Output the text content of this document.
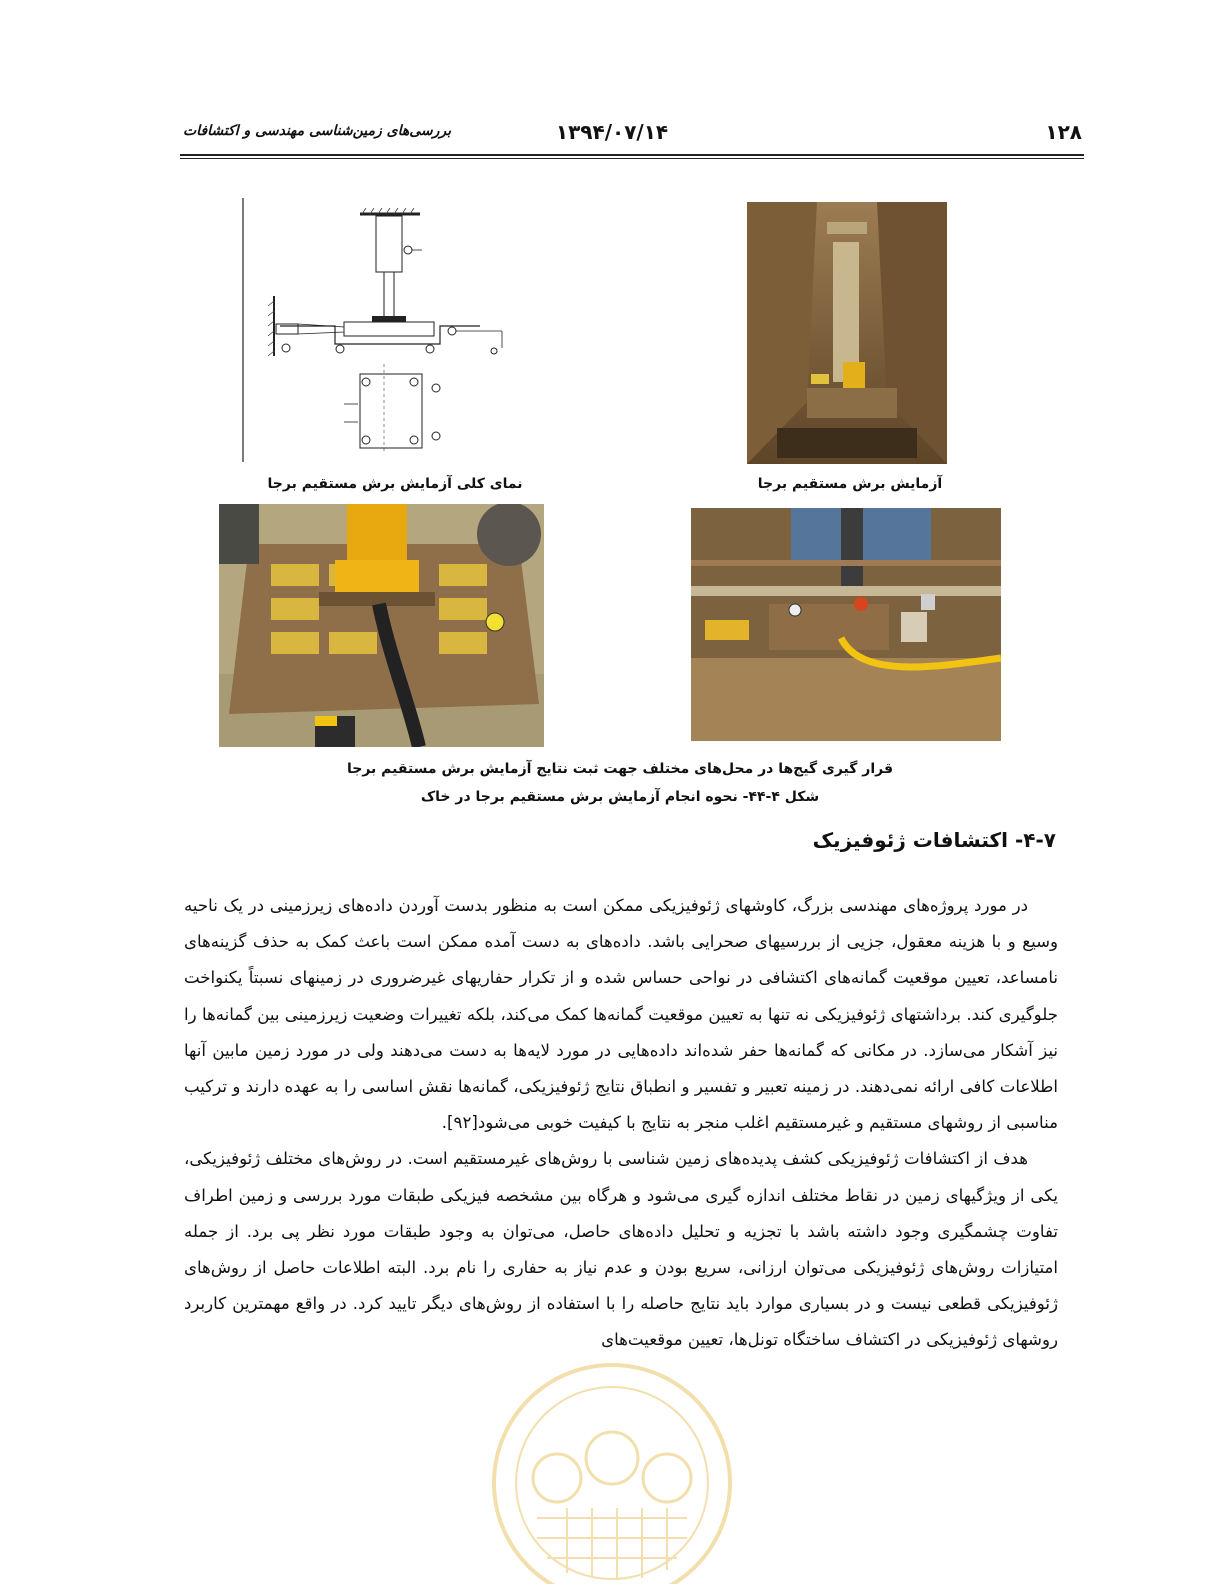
۱۲۸
۱۳۹۴/۰۷/۱۴
بررسی‌های زمین‌شناسی مهندسی و اکتشافات
نمای کلی آزمایش برش مستقیم برجا	آزمایش برش مستقیم برجا
قرار گیری گیج‌ها در محل‌های مختلف جهت ثبت نتایج آزمایش برش مستقیم برجا
شکل ۴-۴۴- نحوه انجام آزمایش برش مستقیم برجا در خاک
۴-۷- اکتشافات ژئوفیزیک

در مورد پروژه‌های مهندسی بزرگ، کاوشهای ژئوفیزیکی ممکن است به منظور بدست آوردن داده‌های زیرزمینی در یک ناحیه وسیع و با هزینه معقول، جزیی از بررسیهای صحرایی باشد. داده‌های به دست آمده ممکن است باعث کمک به حذف گزینه‌های نامساعد، تعیین موقعیت گمانه‌های اکتشافی در نواحی حساس شده و از تکرار حفاریهای غیرضروری در زمینهای نسبتاً یکنواخت جلوگیری کند. برداشتهای ژئوفیزیکی نه تنها به تعیین موقعیت گمانه‌ها کمک می‌کند، بلکه تغییرات وضعیت زیرزمینی بین گمانه‌ها را نیز آشکار می‌سازد. در مکانی که گمانه‌ها حفر شده‌اند داده‌هایی در مورد لایه‌ها به دست می‌دهند ولی در مورد زمین مابین آنها اطلاعات کافی ارائه نمی‌دهند. در زمینه تعبیر و تفسیر و انطباق نتایج ژئوفیزیکی، گمانه‌ها نقش اساسی را به عهده دارند و ترکیب مناسبی از روشهای مستقیم و غیرمستقیم اغلب منجر به نتایج با کیفیت خوبی می‌شود[۹۲].

هدف از اکتشافات ژئوفیزیکی کشف پدیده‌های زمین شناسی با روش‌های غیرمستقیم است. در روش‌های مختلف ژئوفیزیکی، یکی از ویژگیهای زمین در نقاط مختلف اندازه گیری می‌شود و هرگاه بین مشخصه فیزیکی طبقات مورد بررسی و زمین اطراف تفاوت چشمگیری وجود داشته باشد با تجزیه و تحلیل داده‌های حاصل، می‌توان به وجود طبقات مورد نظر پی برد. از جمله امتیازات روش‌های ژئوفیزیکی می‌توان ارزانی، سریع بودن و عدم نیاز به حفاری را نام برد. البته اطلاعات حاصل از روش‌های ژئوفیزیکی قطعی نیست و در بسیاری موارد باید نتایج حاصله را با استفاده از روش‌های دیگر تایید کرد. در واقع مهمترین کاربرد روشهای ژئوفیزیکی در اکتشاف ساختگاه تونل‌ها، تعیین موقعیت‌های
